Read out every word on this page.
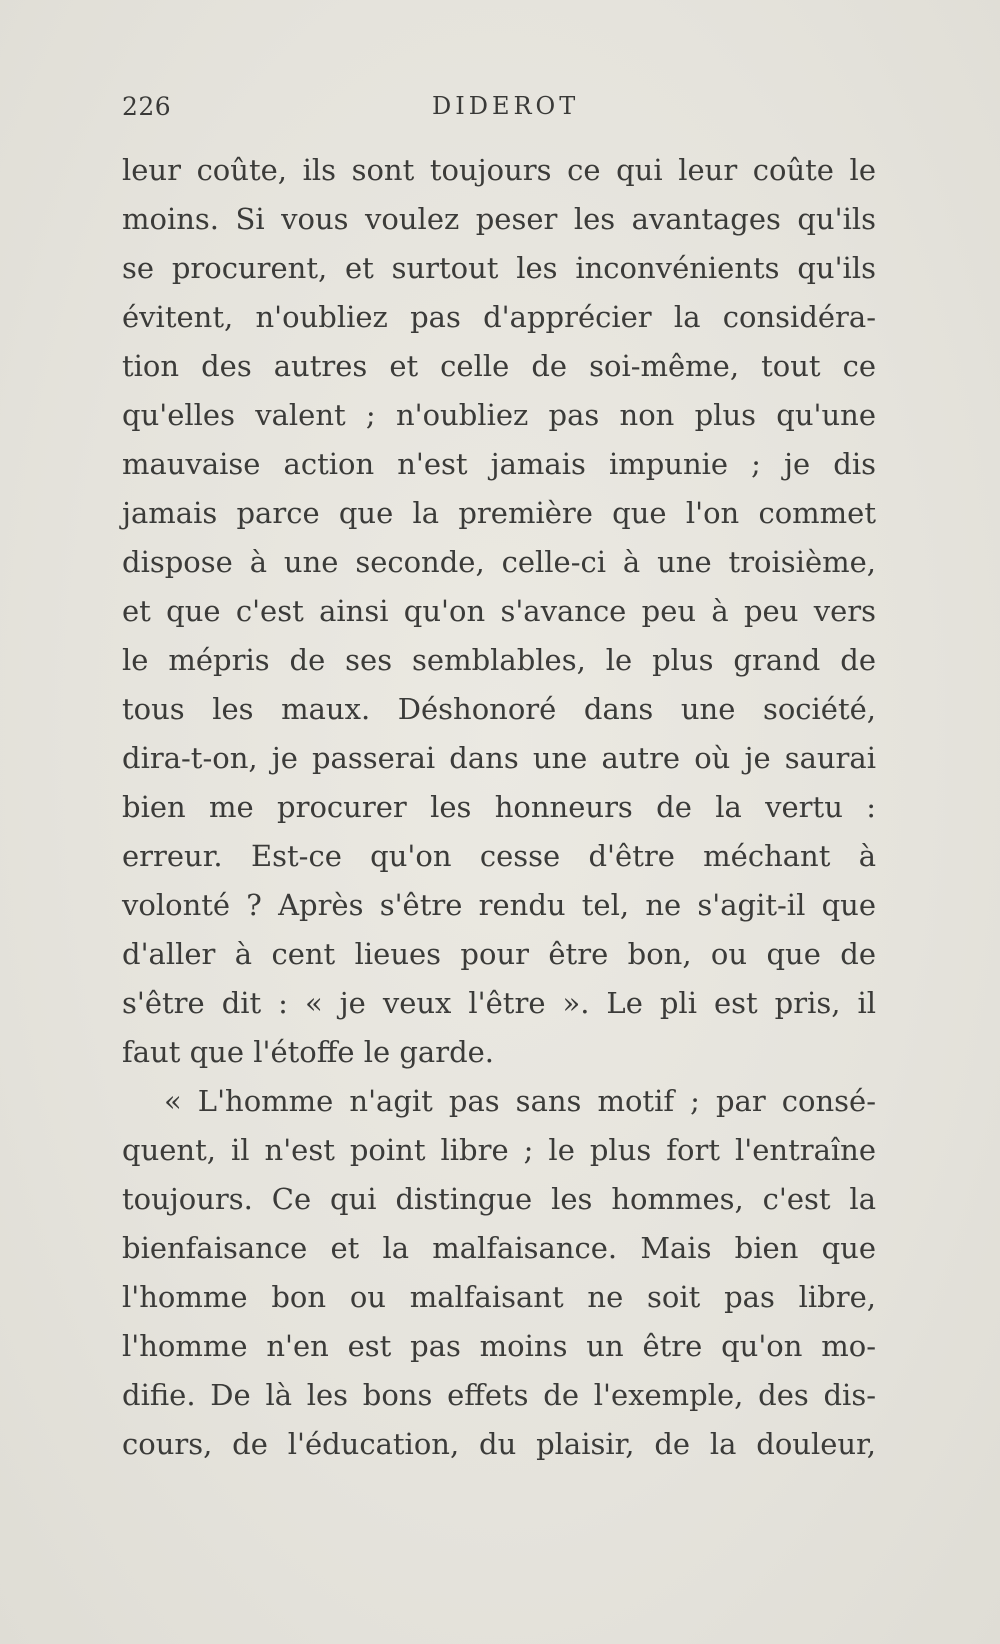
226	DIDEROT
leur coûte, ils sont toujours ce qui leur coûte le
moins. Si vous voulez peser les avantages qu'ils
se procurent, et surtout les inconvénients qu'ils
évitent, n'oubliez pas d'apprécier la considéra-
tion des autres et celle de soi-même, tout ce
qu'elles valent ; n'oubliez pas non plus qu'une
mauvaise action n'est jamais impunie ; je dis
jamais parce que la première que l'on commet
dispose à une seconde, celle-ci à une troisième,
et que c'est ainsi qu'on s'avance peu à peu vers
le mépris de ses semblables, le plus grand de
tous les maux. Déshonoré dans une société,
dira-t-on, je passerai dans une autre où je saurai
bien me procurer les honneurs de la vertu :
erreur. Est-ce qu'on cesse d'être méchant à
volonté ? Après s'être rendu tel, ne s'agit-il que
d'aller à cent lieues pour être bon, ou que de
s'être dit : « je veux l'être ». Le pli est pris, il
faut que l'étoffe le garde.
« L'homme n'agit pas sans motif ; par consé-
quent, il n'est point libre ; le plus fort l'entraîne
toujours. Ce qui distingue les hommes, c'est la
bienfaisance et la malfaisance. Mais bien que
l'homme bon ou malfaisant ne soit pas libre,
l'homme n'en est pas moins un être qu'on mo-
difie. De là les bons effets de l'exemple, des dis-
cours, de l'éducation, du plaisir, de la douleur,
